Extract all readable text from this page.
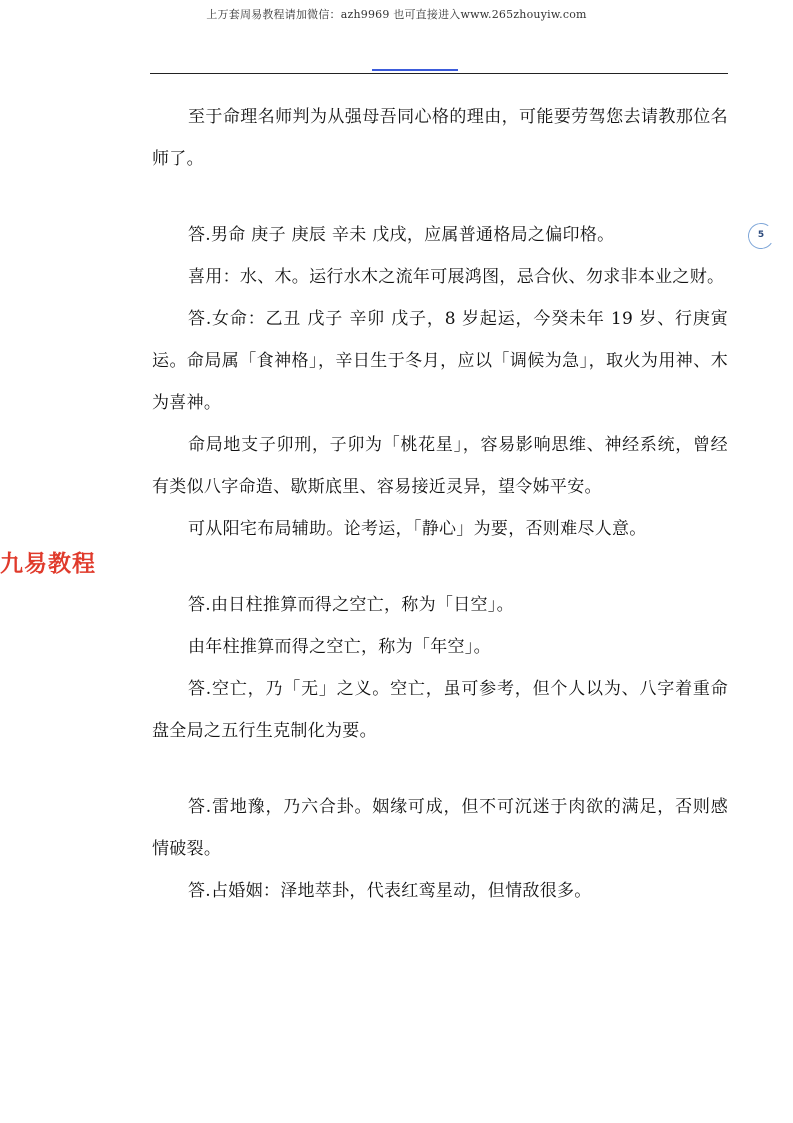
上万套周易教程请加微信：azh9969 也可直接进入www.265zhouyiw.com
5
九易教程

至于命理名师判为从强母吾同心格的理由，可能要劳驾您去请教那位名师了。

答.男命 庚子 庚辰 辛未 戊戌，应属普通格局之偏印格。

喜用：水、木。运行水木之流年可展鸿图，忌合伙、勿求非本业之财。

答.女命：乙丑 戊子 辛卯 戊子，8 岁起运，今癸未年 19 岁、行庚寅运。命局属「食神格」，辛日生于冬月，应以「调候为急」，取火为用神、木为喜神。

命局地支子卯刑，子卯为「桃花星」，容易影响思维、神经系统，曾经有类似八字命造、歇斯底里、容易接近灵异，望令姊平安。

可从阳宅布局辅助。论考运，「静心」为要，否则难尽人意。

答.由日柱推算而得之空亡，称为「日空」。

由年柱推算而得之空亡，称为「年空」。

答.空亡，乃「无」之义。空亡，虽可参考，但个人以为、八字着重命盘全局之五行生克制化为要。

答.雷地豫，乃六合卦。姻缘可成，但不可沉迷于肉欲的满足，否则感情破裂。

答.占婚姻：泽地萃卦，代表红鸾星动，但情敌很多。
